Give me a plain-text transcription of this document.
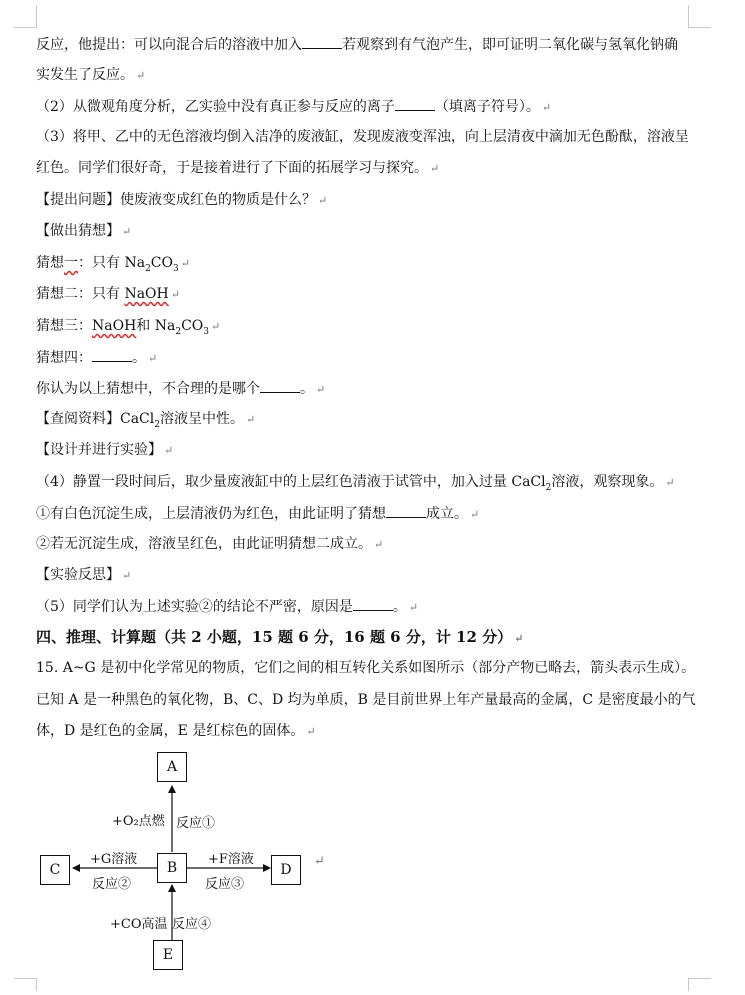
反应，他提出：可以向混合后的溶液中加入	若观察到有气泡产生，即可证明二氧化碳与氢氧化钠确
实发生了反应。 ↵
（2）从微观角度分析，乙实验中没有真正参与反应的离子	（填离子符号）。 ↵
（3）将甲、乙中的无色溶液均倒入洁净的废液缸，发现废液变浑浊，向上层清夜中滴加无色酚酞，溶液呈
红色。同学们很好奇，于是接着进行了下面的拓展学习与探究。 ↵
【提出问题】使废液变成红色的物质是什么？ ↵
【做出猜想】 ↵
猜想一：只有 $Na_2CO_3$ ↵
猜想二：只有 NaOH ↵
猜想三：NaOH和 $Na_2CO_3$ ↵
猜想四：	。 ↵
你认为以上猜想中，不合理的是哪个	。 ↵
【查阅资料】CaCl$_2$溶液呈中性。 ↵
【设计并进行实验】 ↵
（4）静置一段时间后，取少量废液缸中的上层红色清液于试管中，加入过量 CaCl$_2$溶液，观察现象。 ↵
①有白色沉淀生成，上层清液仍为红色，由此证明了猜想	成立。 ↵
②若无沉淀生成，溶液呈红色，由此证明猜想二成立。 ↵
【实验反思】 ↵
（5）同学们认为上述实验②的结论不严密，原因是	。 ↵
四、推理、计算题（共 2 小题，15 题 6 分，16 题 6 分，计 12 分） ↵
15. A~G 是初中化学常见的物质，它们之间的相互转化关系如图所示（部分产物已略去，箭头表示生成）。
已知 A 是一种黑色的氧化物，B、C、D 均为单质，B 是目前世界上年产量最高的金属，C 是密度最小的气
体，D 是红色的金属，E 是红棕色的固体。 ↵
A
B
C	D
E
+O₂点燃 反应①
+G溶液
反应②
+F溶液
反应③
+CO高温 反应④
↵
